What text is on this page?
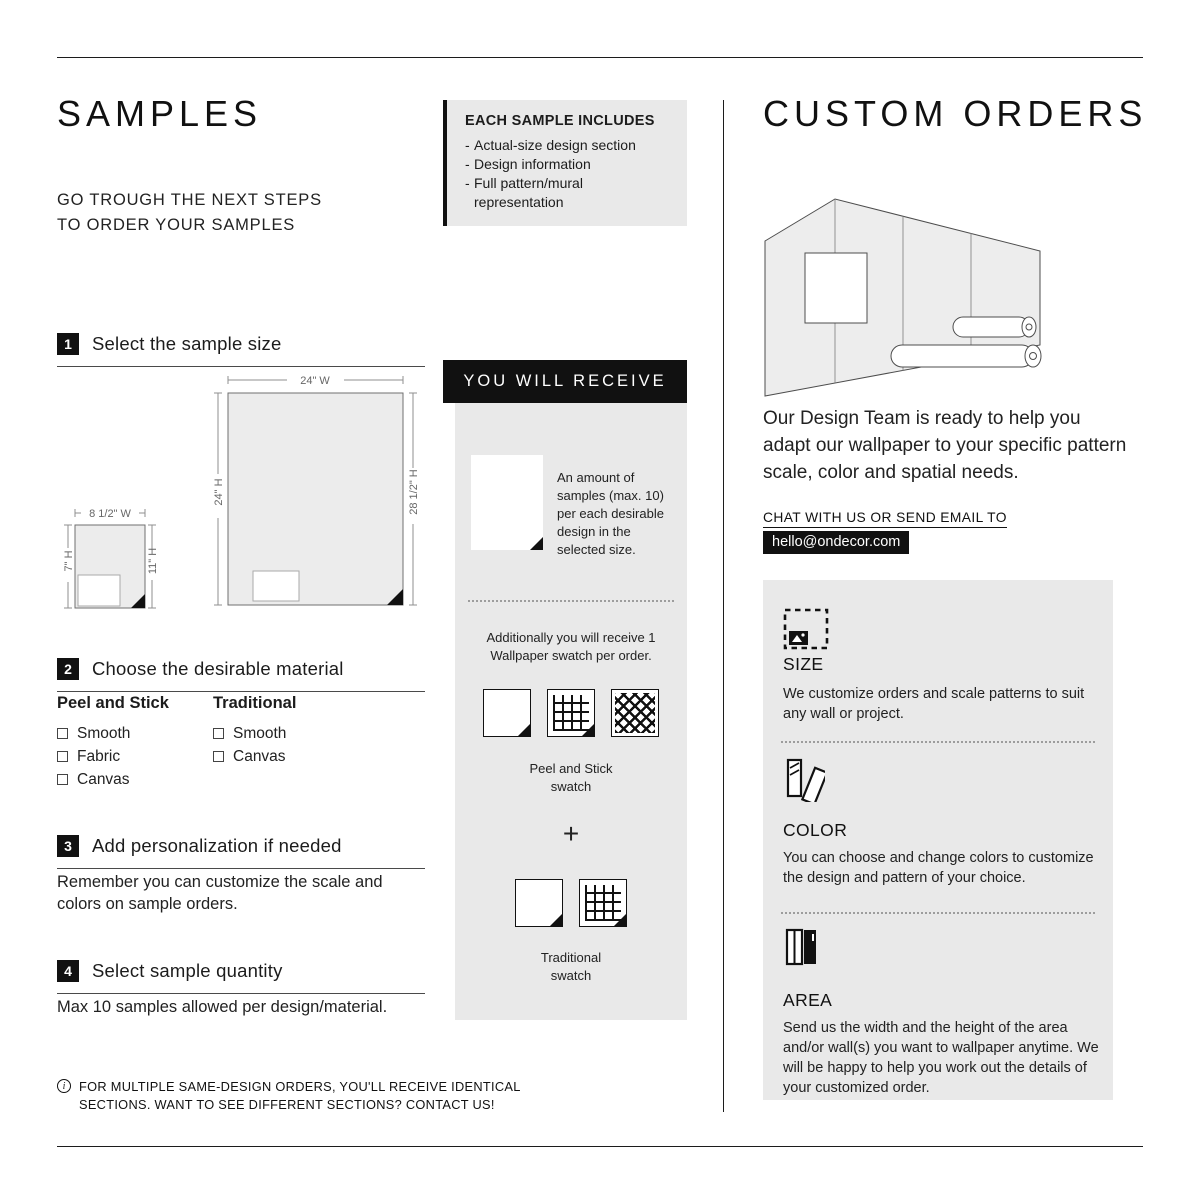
SAMPLES
GO TROUGH THE NEXT STEPS
TO ORDER YOUR SAMPLES
EACH SAMPLE INCLUDES
- Actual-size design section
- Design information
- Full pattern/mural representation
1	Select the sample size
24" W
24" H	28 1/2" H
8 1/2" W
7" H	11" H
2	Choose the desirable material
Peel and Stick
Smooth
Fabric
Canvas
Traditional
Smooth
Canvas
3	Add personalization if needed
Remember you can customize the scale and colors on sample orders.
4	Select sample quantity
Max 10 samples allowed per design/material.
i	FOR MULTIPLE SAME-DESIGN ORDERS, YOU'LL RECEIVE IDENTICAL SECTIONS. WANT TO SEE DIFFERENT SECTIONS? CONTACT US!
YOU WILL RECEIVE
An amount of samples (max. 10) per each desirable design in the selected size.
Additionally you will receive 1 Wallpaper swatch per order.
Peel and Stick
swatch
+
Traditional
swatch
CUSTOM ORDERS
Our Design Team is ready to help you adapt our wallpaper to your specific pattern scale, color and spatial needs.
CHAT WITH US OR SEND EMAIL TO
hello@ondecor.com
SIZE
We customize orders and scale patterns to suit any wall or project.
COLOR
You can choose and change colors to customize the design and pattern of your choice.
AREA
Send us the width and the height of the area and/or wall(s) you want to wallpaper anytime. We will be happy to help you work out the details of your customized order.
